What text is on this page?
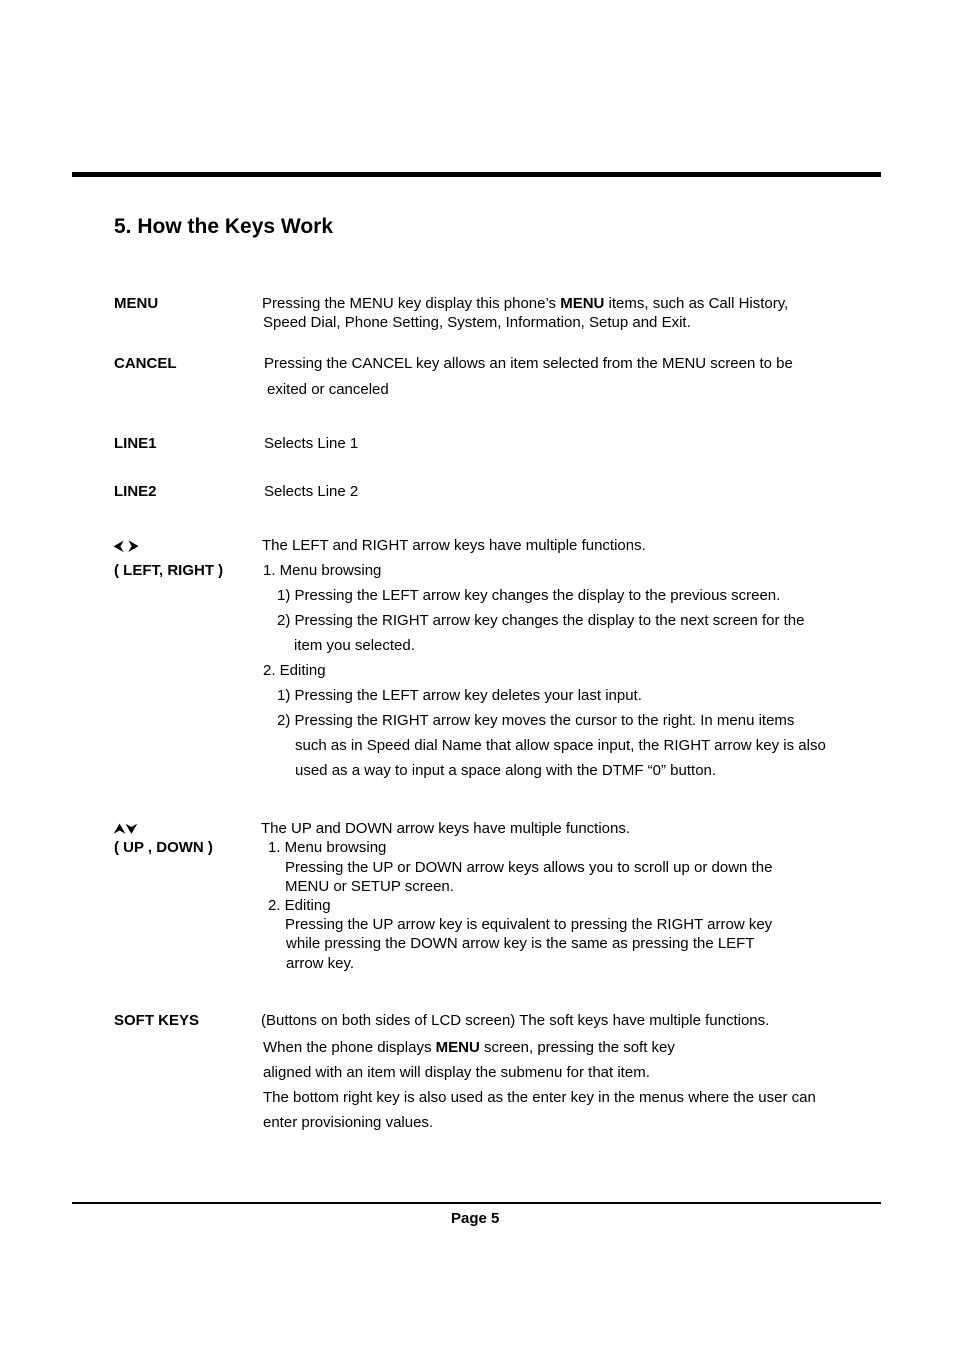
5. How the Keys Work
MENU	Pressing the MENU key display this phone’s MENU items, such as Call History,
Speed Dial, Phone Setting, System, Information, Setup and Exit.
CANCEL	Pressing the CANCEL key allows an item selected from the MENU screen to be
exited or canceled
LINE1	Selects Line 1
LINE2	Selects Line 2
⮜ ⮞
( LEFT, RIGHT )
The LEFT and RIGHT arrow keys have multiple functions.
1. Menu browsing
1) Pressing the LEFT arrow key changes the display to the previous screen.
2) Pressing the RIGHT arrow key changes the display to the next screen for the
item you selected.
2. Editing
1) Pressing the LEFT arrow key deletes your last input.
2) Pressing the RIGHT arrow key moves the cursor to the right. In menu items
such as in Speed dial Name that allow space input, the RIGHT arrow key is also
used as a way to input a space along with the DTMF “0” button.
⮝⮟
( UP , DOWN )
The UP and DOWN arrow keys have multiple functions.
1. Menu browsing
Pressing the UP or DOWN arrow keys allows you to scroll up or down the
MENU or SETUP screen.
2. Editing
Pressing the UP arrow key is equivalent to pressing the RIGHT arrow key
while pressing the DOWN arrow key is the same as pressing the LEFT
arrow key.
SOFT KEYS	(Buttons on both sides of LCD screen) The soft keys have multiple functions.
When the phone displays MENU screen, pressing the soft key
aligned with an item will display the submenu for that item.
The bottom right key is also used as the enter key in the menus where the user can
enter provisioning values.
Page 5
